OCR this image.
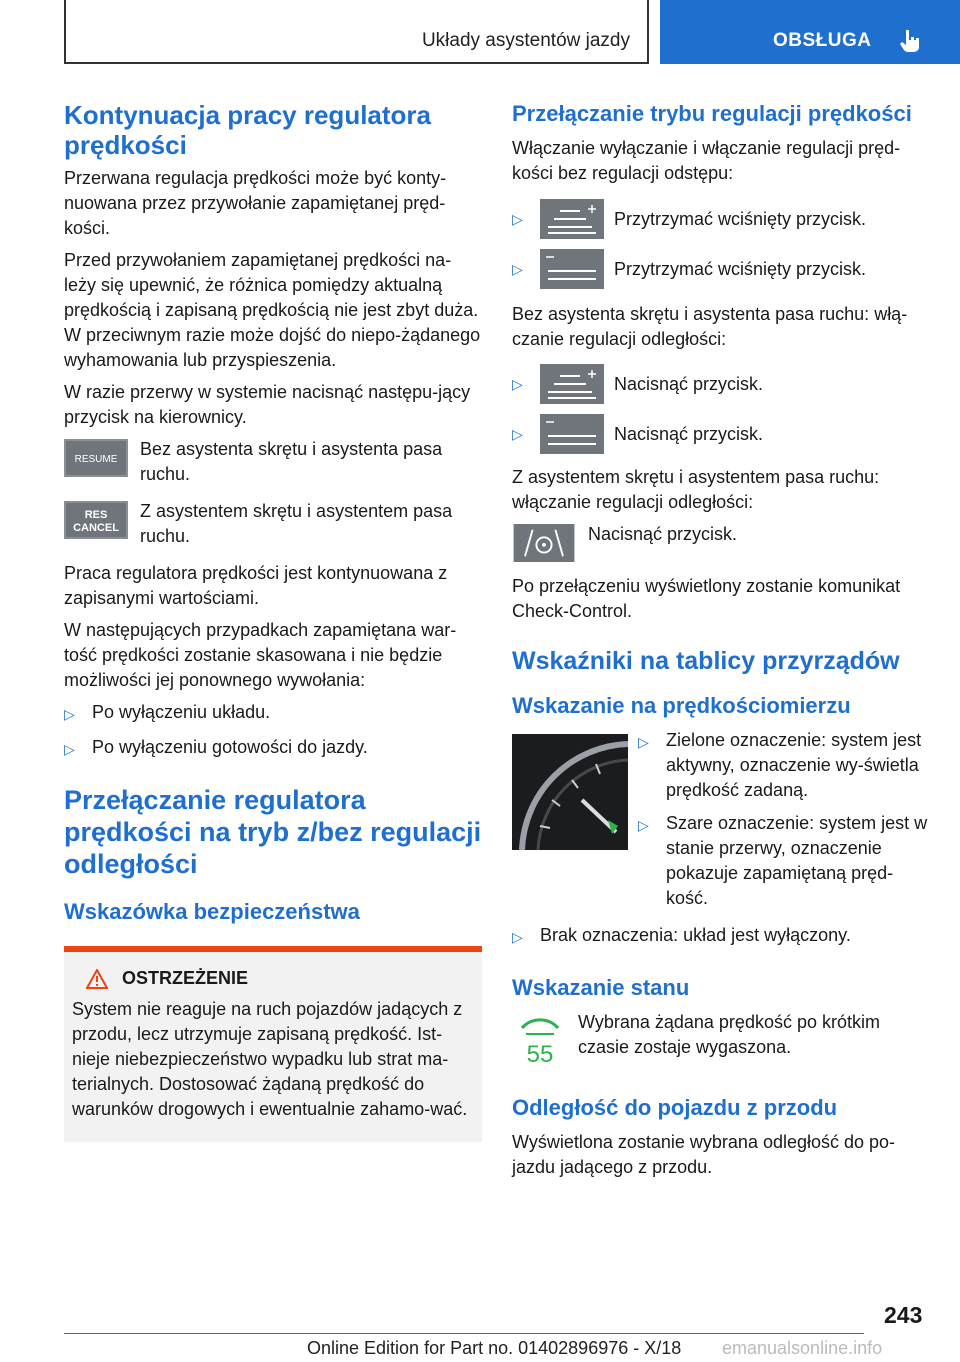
Układy asystentów jazdy	OBSŁUGA
Kontynuacja pracy regulatora prędkości

Przerwana regulacja prędkości może być konty-nuowana przez przywołanie zapamiętanej pręd-kości.

Przed przywołaniem zapamiętanej prędkości na-leży się upewnić, że różnica pomiędzy aktualną prędkością i zapisaną prędkością nie jest zbyt duża. W przeciwnym razie może dojść do niepo-żądanego wyhamowania lub przyspieszenia.

W razie przerwy w systemie nacisnąć następu-jący przycisk na kierownicy.

RESUME
Bez asystenta skrętu i asystenta pasa ruchu.
RES
CANCEL
Z asystentem skrętu i asystentem pasa ruchu.

Praca regulatora prędkości jest kontynuowana z zapisanymi wartościami.

W następujących przypadkach zapamiętana war-tość prędkości zostanie skasowana i nie będzie możliwości jej ponownego wywołania:

▷ Po wyłączeniu układu.
▷ Po wyłączeniu gotowości do jazdy.
Przełączanie regulatora prędkości na tryb z/bez regulacji odległości
Wskazówka bezpieczeństwa
OSTRZEŻENIE

System nie reaguje na ruch pojazdów jadących z przodu, lecz utrzymuje zapisaną prędkość. Ist-nieje niebezpieczeństwo wypadku lub strat ma-terialnych. Dostosować żądaną prędkość do warunków drogowych i ewentualnie zahamo-wać.

Przełączanie trybu regulacji prędkości

Włączanie wyłączanie i włączanie regulacji pręd-kości bez regulacji odstępu:

▷	Przytrzymać wciśnięty przycisk.
▷	Przytrzymać wciśnięty przycisk.

Bez asystenta skrętu i asystenta pasa ruchu: włą-czanie regulacji odległości:

▷	Nacisnąć przycisk.
▷	Nacisnąć przycisk.

Z asystentem skrętu i asystentem pasa ruchu: włączanie regulacji odległości:

Nacisnąć przycisk.

Po przełączeniu wyświetlony zostanie komunikat Check-Control.

Wskaźniki na tablicy przyrządów
Wskazanie na prędkościomierzu
▷ Zielone oznaczenie: system jest aktywny, oznaczenie wy-świetla prędkość zadaną.
▷ Szare oznaczenie: system jest w stanie przerwy, oznaczenie pokazuje zapamiętaną pręd-kość.
▷ Brak oznaczenia: układ jest wyłączony.
Wskazanie stanu
55
Wybrana żądana prędkość po krótkim czasie zostaje wygaszona.
Odległość do pojazdu z przodu

Wyświetlona zostanie wybrana odległość do po-jazdu jadącego z przodu.

243
Online Edition for Part no. 01402896976 - X/18 emanualsonline.info
